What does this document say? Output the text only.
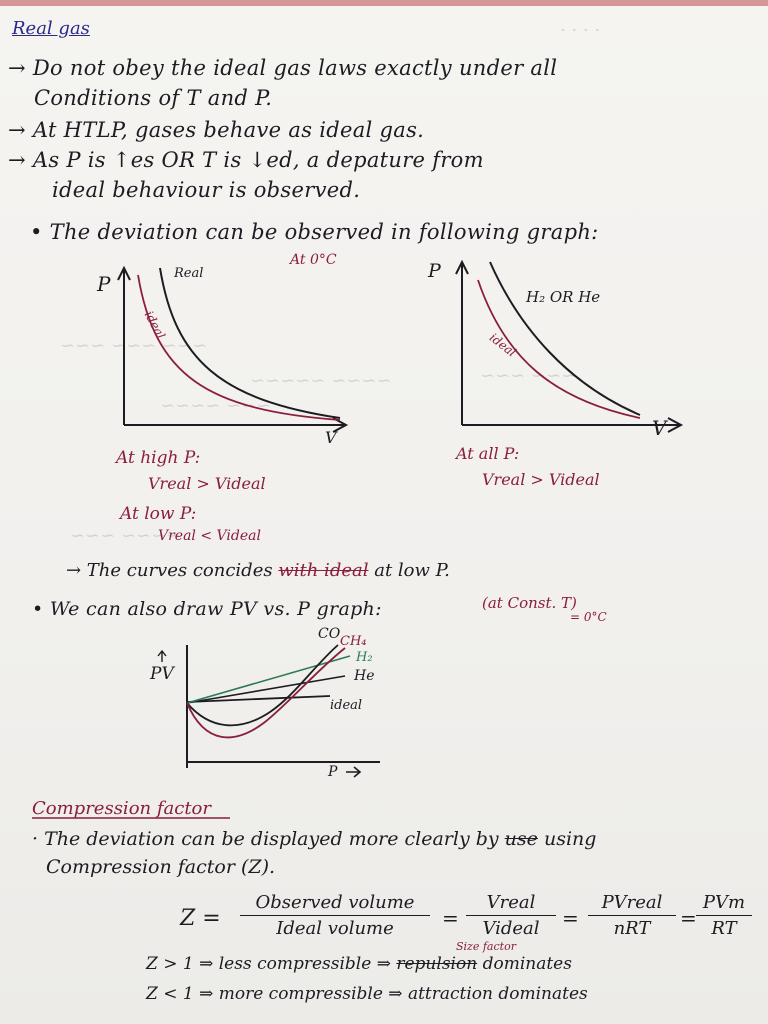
· · · ·
~~~ ~~~ ~~~
~~~~ ~~~~~
~~~ ~~~~
~~~ ~~~
~~~~ ~~~
Real gas
→ Do not obey the ideal gas laws exactly under all
Conditions of T and P.
→ At HTLP, gases behave as ideal gas.
→ As P is ↑es OR T is ↓ed, a depature from
ideal behaviour is observed.
• The deviation can be observed in following graph:
P
V
Real
ideal
At 0°C	P
V
H₂ OR He
ideal
At high P:
Vreal > Videal
At all P:
Vreal > Videal
At low P:
Vreal < Videal
→ The curves concides with ideal at low P.
• We can also draw PV vs. P graph:	(at Const. T)
= 0°C
PV
P
CO CH₄
H₂
He
ideal
Compression factor
· The deviation can be displayed more clearly by use using
Compression factor (Z).
Z =
Observed volume
Ideal volume	=
Vreal
Videal	=
PVreal
nRT	=
PVm
RT
Size factor
Z > 1 ⇒ less compressible ⇒ repulsion dominates
Z < 1 ⇒ more compressible ⇒ attraction dominates
